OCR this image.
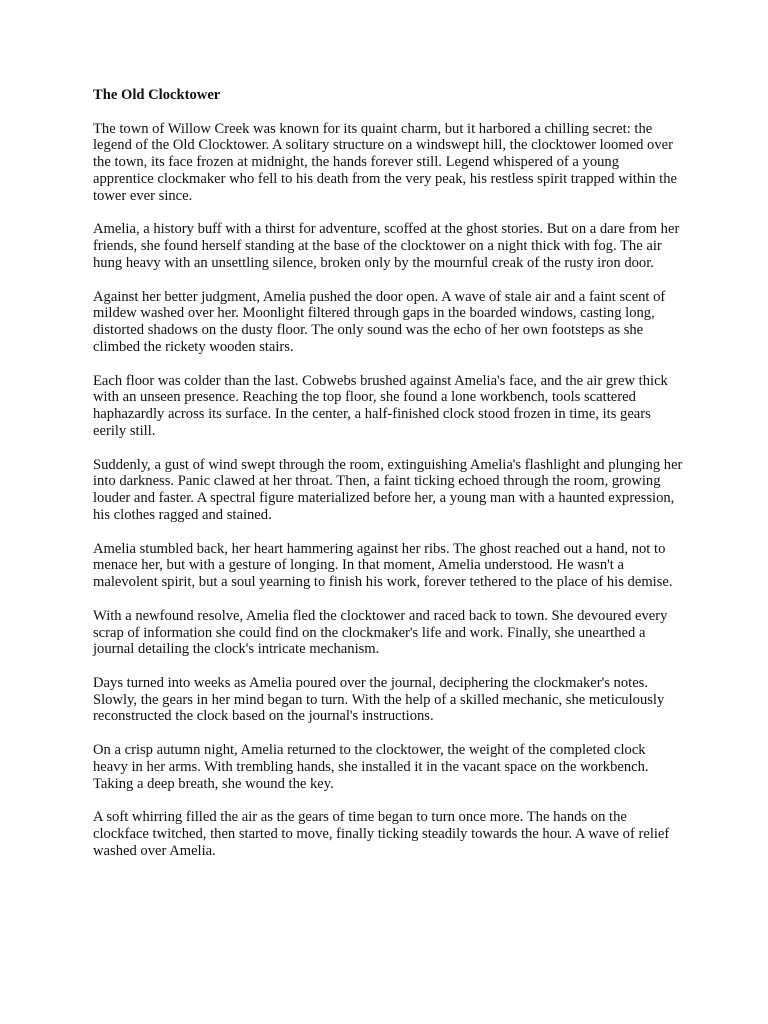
The Old Clocktower

The town of Willow Creek was known for its quaint charm, but it harbored a chilling secret: the legend of the Old Clocktower. A solitary structure on a windswept hill, the clocktower loomed over the town, its face frozen at midnight, the hands forever still. Legend whispered of a young apprentice clockmaker who fell to his death from the very peak, his restless spirit trapped within the tower ever since.

Amelia, a history buff with a thirst for adventure, scoffed at the ghost stories. But on a dare from her friends, she found herself standing at the base of the clocktower on a night thick with fog. The air hung heavy with an unsettling silence, broken only by the mournful creak of the rusty iron door.

Against her better judgment, Amelia pushed the door open. A wave of stale air and a faint scent of mildew washed over her. Moonlight filtered through gaps in the boarded windows, casting long, distorted shadows on the dusty floor. The only sound was the echo of her own footsteps as she climbed the rickety wooden stairs.

Each floor was colder than the last. Cobwebs brushed against Amelia's face, and the air grew thick with an unseen presence. Reaching the top floor, she found a lone workbench, tools scattered haphazardly across its surface. In the center, a half-finished clock stood frozen in time, its gears eerily still.

Suddenly, a gust of wind swept through the room, extinguishing Amelia's flashlight and plunging her into darkness. Panic clawed at her throat. Then, a faint ticking echoed through the room, growing louder and faster. A spectral figure materialized before her, a young man with a haunted expression, his clothes ragged and stained.

Amelia stumbled back, her heart hammering against her ribs. The ghost reached out a hand, not to menace her, but with a gesture of longing. In that moment, Amelia understood. He wasn't a malevolent spirit, but a soul yearning to finish his work, forever tethered to the place of his demise.

With a newfound resolve, Amelia fled the clocktower and raced back to town. She devoured every scrap of information she could find on the clockmaker's life and work. Finally, she unearthed a journal detailing the clock's intricate mechanism.

Days turned into weeks as Amelia poured over the journal, deciphering the clockmaker's notes. Slowly, the gears in her mind began to turn. With the help of a skilled mechanic, she meticulously reconstructed the clock based on the journal's instructions.

On a crisp autumn night, Amelia returned to the clocktower, the weight of the completed clock heavy in her arms. With trembling hands, she installed it in the vacant space on the workbench. Taking a deep breath, she wound the key.

A soft whirring filled the air as the gears of time began to turn once more. The hands on the clockface twitched, then started to move, finally ticking steadily towards the hour. A wave of relief washed over Amelia.
